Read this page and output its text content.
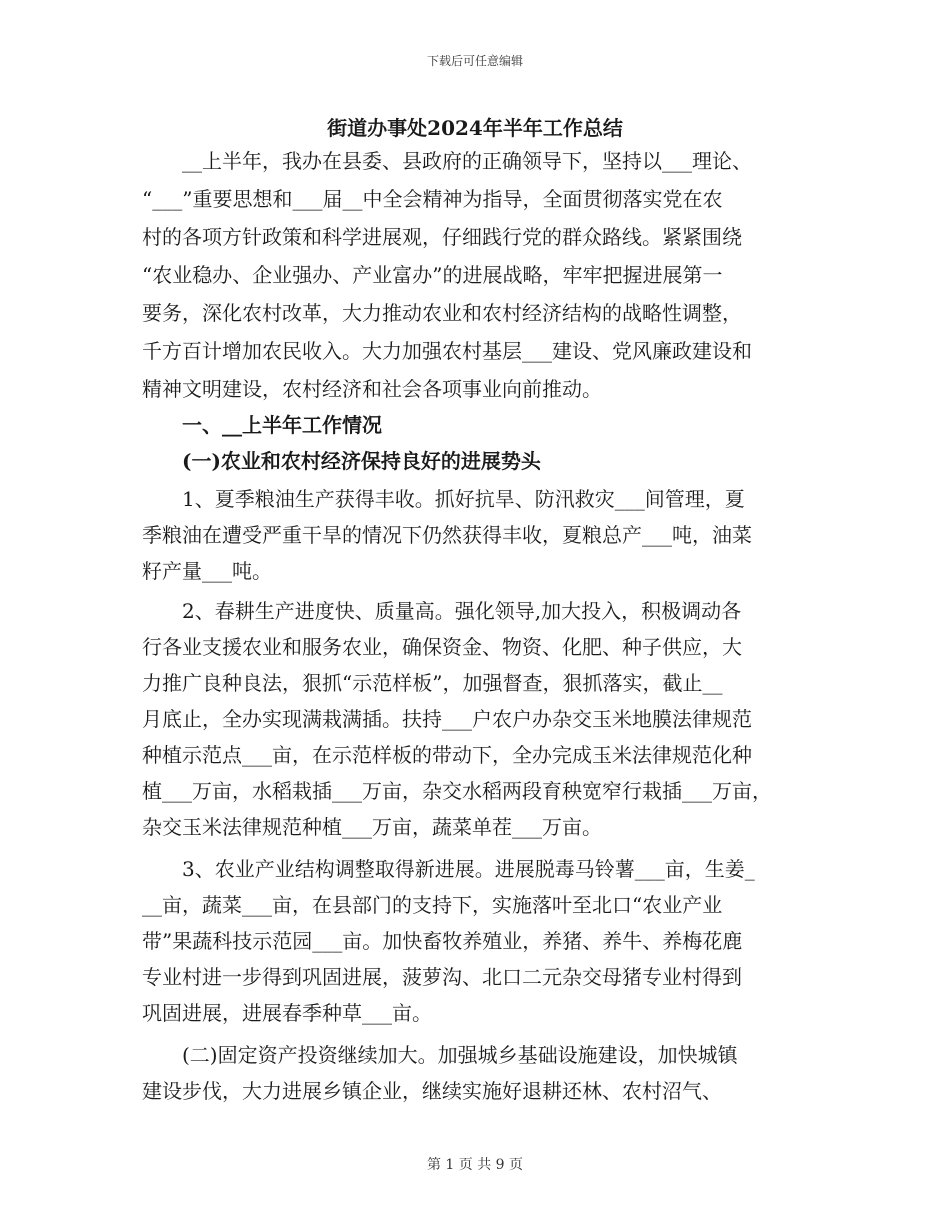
下载后可任意编辑
街道办事处2024年半年工作总结
　　__上半年，我办在县委、县政府的正确领导下，坚持以___理论、
“___”重要思想和___届__中全会精神为指导，全面贯彻落实党在农
村的各项方针政策和科学进展观，仔细践行党的群众路线。紧紧围绕
“农业稳办、企业强办、产业富办”的进展战略，牢牢把握进展第一
要务，深化农村改革，大力推动农业和农村经济结构的战略性调整，
千方百计增加农民收入。大力加强农村基层___建设、党风廉政建设和
精神文明建设，农村经济和社会各项事业向前推动。
　　一、__上半年工作情况
　　(一)农业和农村经济保持良好的进展势头
　　1、夏季粮油生产获得丰收。抓好抗旱、防汛救灾___间管理，夏
季粮油在遭受严重干旱的情况下仍然获得丰收，夏粮总产___吨，油菜
籽产量___吨。
　　2、春耕生产进度快、质量高。强化领导,加大投入，积极调动各
行各业支援农业和服务农业，确保资金、物资、化肥、种子供应，大
力推广良种良法，狠抓“示范样板”，加强督查，狠抓落实，截止__
月底止，全办实现满栽满插。扶持___户农户办杂交玉米地膜法律规范
种植示范点___亩，在示范样板的带动下，全办完成玉米法律规范化种
植___万亩，水稻栽插___万亩，杂交水稻两段育秧宽窄行栽插___万亩，
杂交玉米法律规范种植___万亩，蔬菜单茬___万亩。
　　3、农业产业结构调整取得新进展。进展脱毒马铃薯___亩，生姜_
__亩，蔬菜___亩，在县部门的支持下，实施落叶至北口“农业产业
带”果蔬科技示范园___亩。加快畜牧养殖业，养猪、养牛、养梅花鹿
专业村进一步得到巩固进展，菠萝沟、北口二元杂交母猪专业村得到
巩固进展，进展春季种草___亩。
　　(二)固定资产投资继续加大。加强城乡基础设施建设，加快城镇
建设步伐，大力进展乡镇企业，继续实施好退耕还林、农村沼气、
第 1 页 共 9 页
